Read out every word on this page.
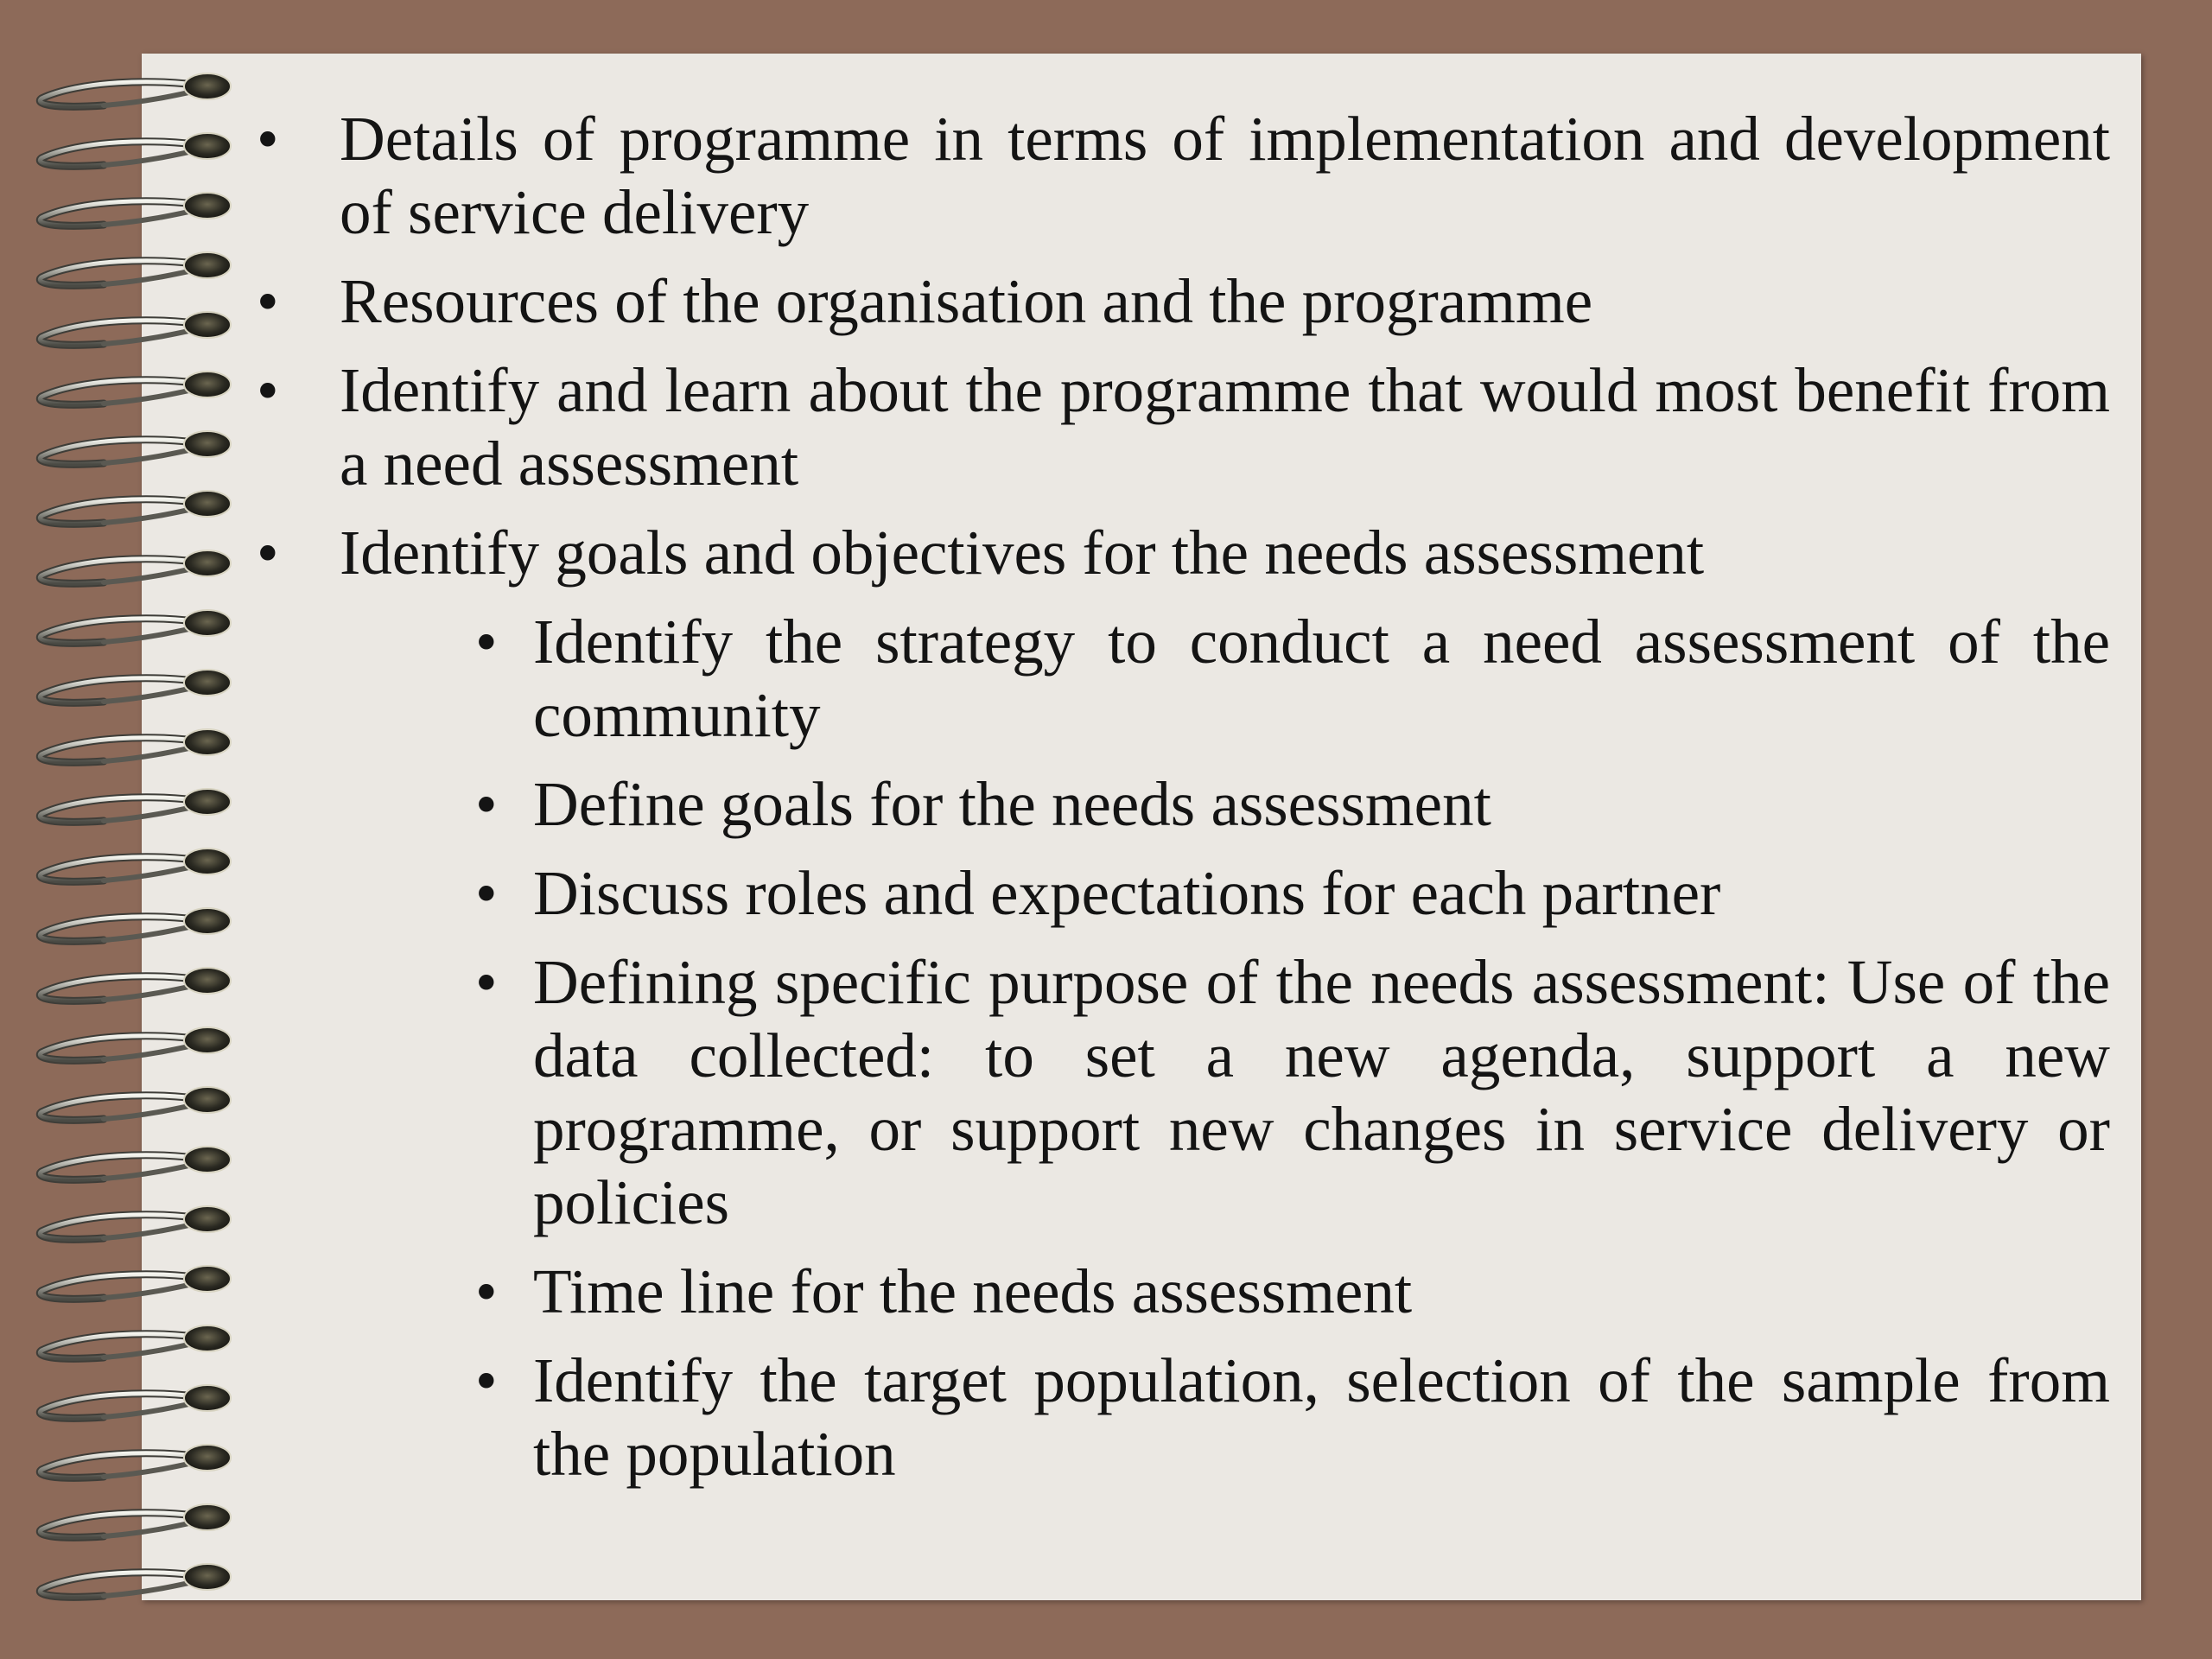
• Details of programme in terms of implementation and development of service delivery
• Resources of the organisation and the programme
• Identify and learn about the programme that would most benefit from a need assessment
• Identify goals and objectives for the needs assessment
• Identify the strategy to conduct a need assessment of the community
• Define goals for the needs assessment
• Discuss roles and expectations for each partner
• Defining specific purpose of the needs assessment: Use of the data collected: to set a new agenda, support a new programme, or support new changes in service delivery or policies
• Time line for the needs assessment
• Identify the target population, selection of the sample from the population
